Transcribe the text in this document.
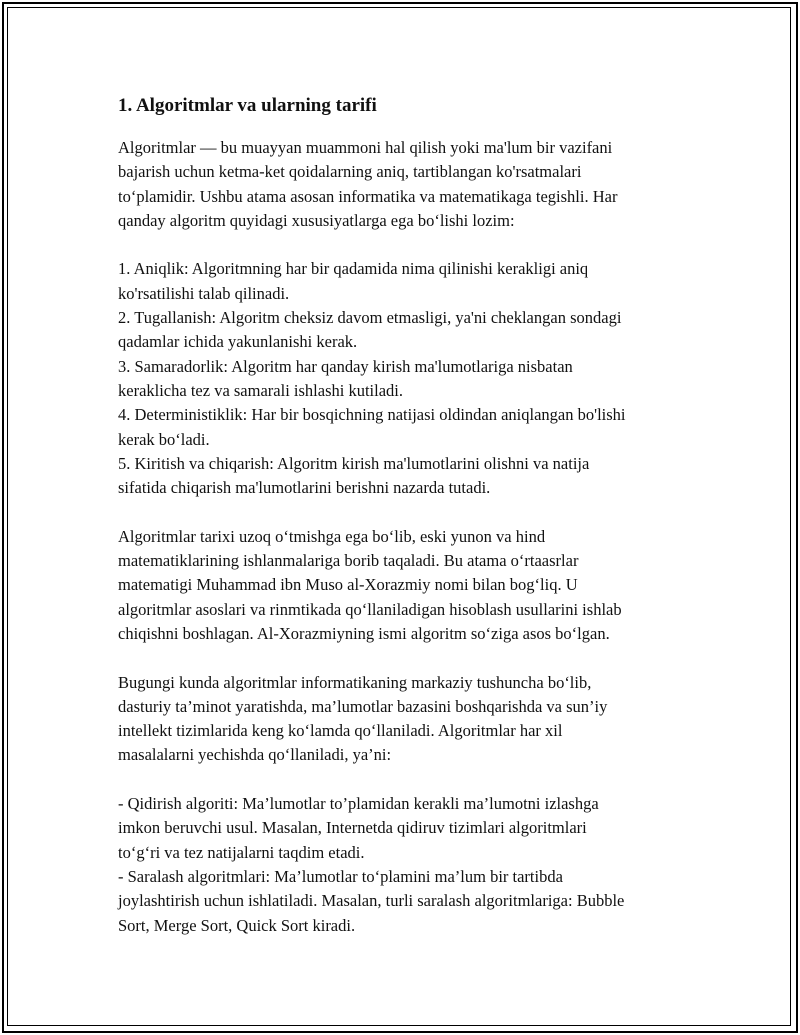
1. Algoritmlar va ularning tarifi
Algoritmlar — bu muayyan muammoni hal qilish yoki ma'lum bir vazifani
bajarish uchun ketma-ket qoidalarning aniq, tartiblangan ko'rsatmalari
to‘plamidir. Ushbu atama asosan informatika va matematikaga tegishli. Har
qanday algoritm quyidagi xususiyatlarga ega bo‘lishi lozim:
1. Aniqlik: Algoritmning har bir qadamida nima qilinishi kerakligi aniq
ko'rsatilishi talab qilinadi.
2. Tugallanish: Algoritm cheksiz davom etmasligi, ya'ni cheklangan sondagi
qadamlar ichida yakunlanishi kerak.
3. Samaradorlik: Algoritm har qanday kirish ma'lumotlariga nisbatan
keraklicha tez va samarali ishlashi kutiladi.
4. Deterministiklik: Har bir bosqichning natijasi oldindan aniqlangan bo'lishi
kerak bo‘ladi.
5. Kiritish va chiqarish: Algoritm kirish ma'lumotlarini olishni va natija
sifatida chiqarish ma'lumotlarini berishni nazarda tutadi.
Algoritmlar tarixi uzoq o‘tmishga ega bo‘lib, eski yunon va hind
matematiklarining ishlanmalariga borib taqaladi. Bu atama o‘rtaasrlar
matematigi Muhammad ibn Muso al-Xorazmiy nomi bilan bog‘liq. U
algoritmlar asoslari va rinmtikada qo‘llaniladigan hisoblash usullarini ishlab
chiqishni boshlagan. Al-Xorazmiyning ismi algoritm so‘ziga asos bo‘lgan.
Bugungi kunda algoritmlar informatikaning markaziy tushuncha bo‘lib,
dasturiy ta’minot yaratishda, ma’lumotlar bazasini boshqarishda va sun’iy
intellekt tizimlarida keng ko‘lamda qo‘llaniladi. Algoritmlar har xil
masalalarni yechishda qo‘llaniladi, ya’ni:
- Qidirish algoriti: Ma’lumotlar to’plamidan kerakli ma’lumotni izlashga
imkon beruvchi usul. Masalan, Internetda qidiruv tizimlari algoritmlari
to‘g‘ri va tez natijalarni taqdim etadi.
- Saralash algoritmlari: Ma’lumotlar to‘plamini ma’lum bir tartibda
joylashtirish uchun ishlatiladi. Masalan, turli saralash algoritmlariga: Bubble
Sort, Merge Sort, Quick Sort kiradi.
